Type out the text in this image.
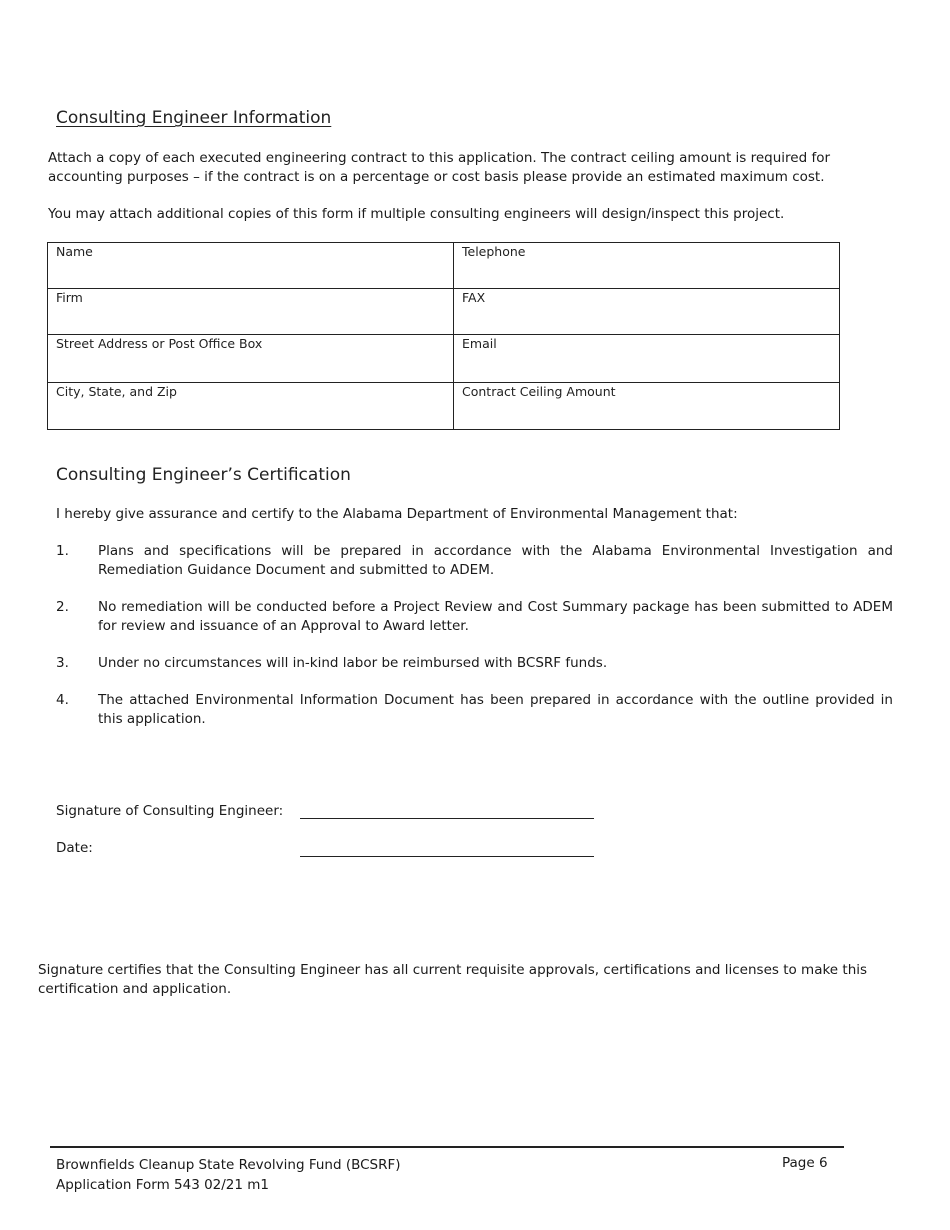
Consulting Engineer Information
Attach a copy of each executed engineering contract to this application. The contract ceiling amount is required for
accounting purposes – if the contract is on a percentage or cost basis please provide an estimated maximum cost.
You may attach additional copies of this form if multiple consulting engineers will design/inspect this project.
Name	Telephone
Firm	FAX
Street Address or Post Office Box	Email
City, State, and Zip	Contract Ceiling Amount
Consulting Engineer’s Certification
I hereby give assurance and certify to the Alabama Department of Environmental Management that:
1. Plans and specifications will be prepared in accordance with the Alabama Environmental Investigation and Remediation Guidance Document and submitted to ADEM.
2. No remediation will be conducted before a Project Review and Cost Summary package has been submitted to ADEM for review and issuance of an Approval to Award letter.
3. Under no circumstances will in-kind labor be reimbursed with BCSRF funds.
4. The attached Environmental Information Document has been prepared in accordance with the outline provided in this application.
Signature of Consulting Engineer:
Date:
Signature certifies that the Consulting Engineer has all current requisite approvals, certifications and licenses to make this
certification and application.
Brownfields Cleanup State Revolving Fund (BCSRF)
Application Form 543 02/21 m1
Page 6
